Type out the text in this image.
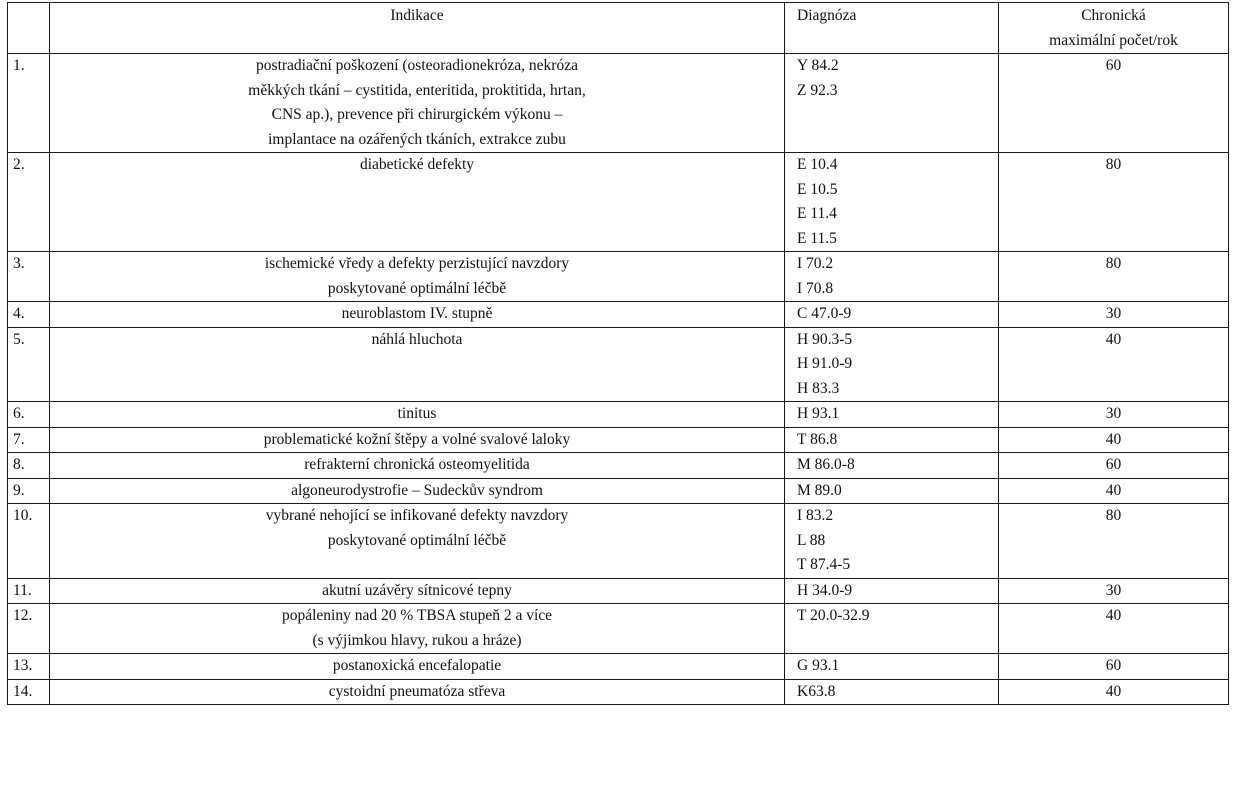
	Indikace	Diagnóza	Chronická
maximální počet/rok

1.	postradiační poškození (osteoradionekróza, nekróza
měkkých tkání – cystitida, enteritida, proktitida, hrtan,
CNS ap.), prevence při chirurgickém výkonu –
implantace na ozářených tkáních, extrakce zubu	Y 84.2
Z 92.3	60

2.	diabetické defekty	E 10.4
E 10.5
E 11.4
E 11.5	80

3.	ischemické vředy a defekty perzistující navzdory
poskytované optimální léčbě	I 70.2
I 70.8	80

4.	neuroblastom IV. stupně	C 47.0-9	30

5.	náhlá hluchota	H 90.3-5
H 91.0-9
H 83.3	40

6.	tinitus	H 93.1	30

7.	problematické kožní štěpy a volné svalové laloky	T 86.8	40

8.	refrakterní chronická osteomyelitida	M 86.0-8	60

9.	algoneurodystrofie – Sudeckův syndrom	M 89.0	40

10.	vybrané nehojící se infikované defekty navzdory
poskytované optimální léčbě	I 83.2
L 88
T 87.4-5	80

11.	akutní uzávěry sítnicové tepny	H 34.0-9	30

12.	popáleniny nad 20 % TBSA stupeň 2 a více
(s výjimkou hlavy, rukou a hráze)	T 20.0-32.9	40

13.	postanoxická encefalopatie	G 93.1	60

14.	cystoidní pneumatóza střeva	K63.8	40
